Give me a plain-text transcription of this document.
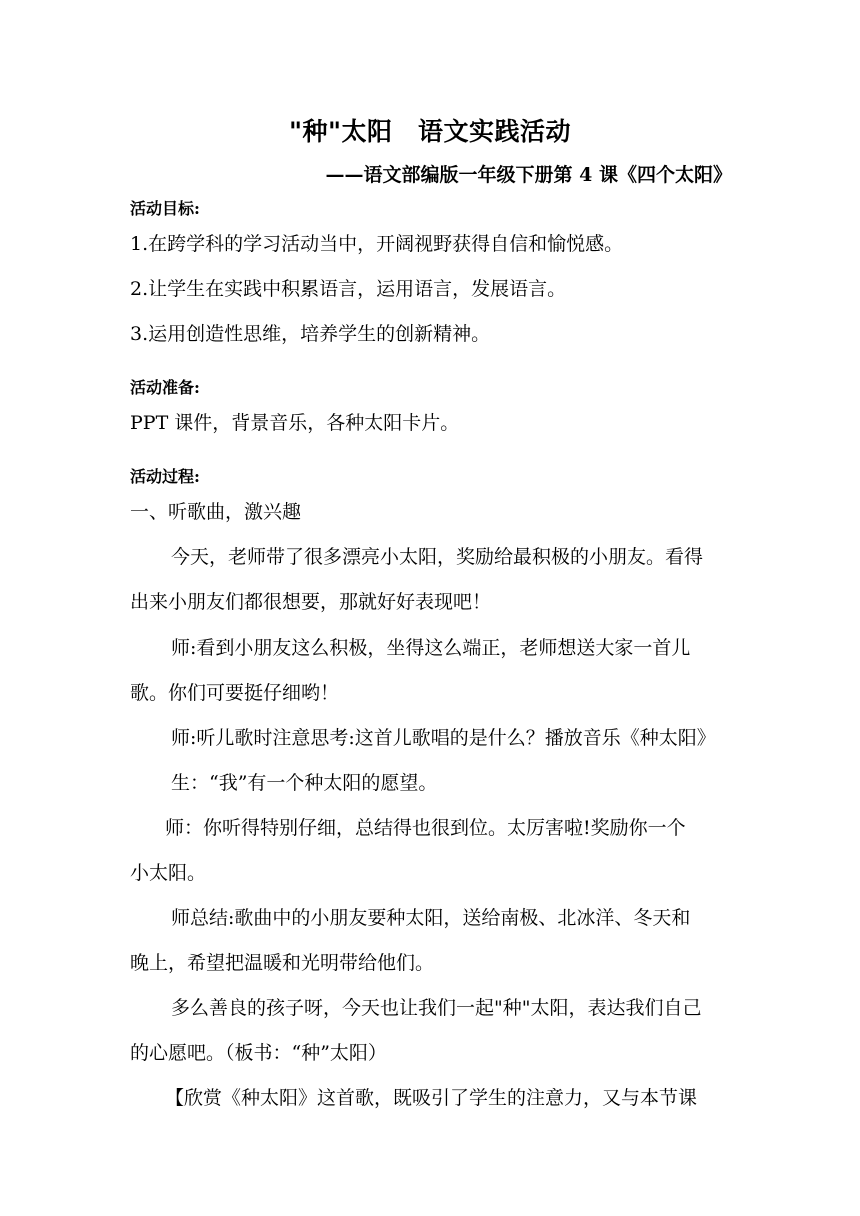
"种"太阳　语文实践活动
——语文部编版一年级下册第 4 课《四个太阳》
活动目标:
1.在跨学科的学习活动当中，开阔视野获得自信和愉悦感。
2.让学生在实践中积累语言，运用语言，发展语言。
3.运用创造性思维，培养学生的创新精神。
活动准备:
PPT 课件，背景音乐，各种太阳卡片。
活动过程:
一、听歌曲，激兴趣
今天，老师带了很多漂亮小太阳，奖励给最积极的小朋友。看得
出来小朋友们都很想要，那就好好表现吧！
师:看到小朋友这么积极，坐得这么端正，老师想送大家一首儿
歌。你们可要挺仔细哟！
师:听儿歌时注意思考:这首儿歌唱的是什么？播放音乐《种太阳》
生：“我”有一个种太阳的愿望。
师：你听得特别仔细，总结得也很到位。太厉害啦!奖励你一个
小太阳。
师总结:歌曲中的小朋友要种太阳，送给南极、北冰洋、冬天和
晚上，希望把温暖和光明带给他们。
多么善良的孩子呀，今天也让我们一起"种"太阳，表达我们自己
的心愿吧。（板书：“种”太阳）
【欣赏《种太阳》这首歌，既吸引了学生的注意力，又与本节课
